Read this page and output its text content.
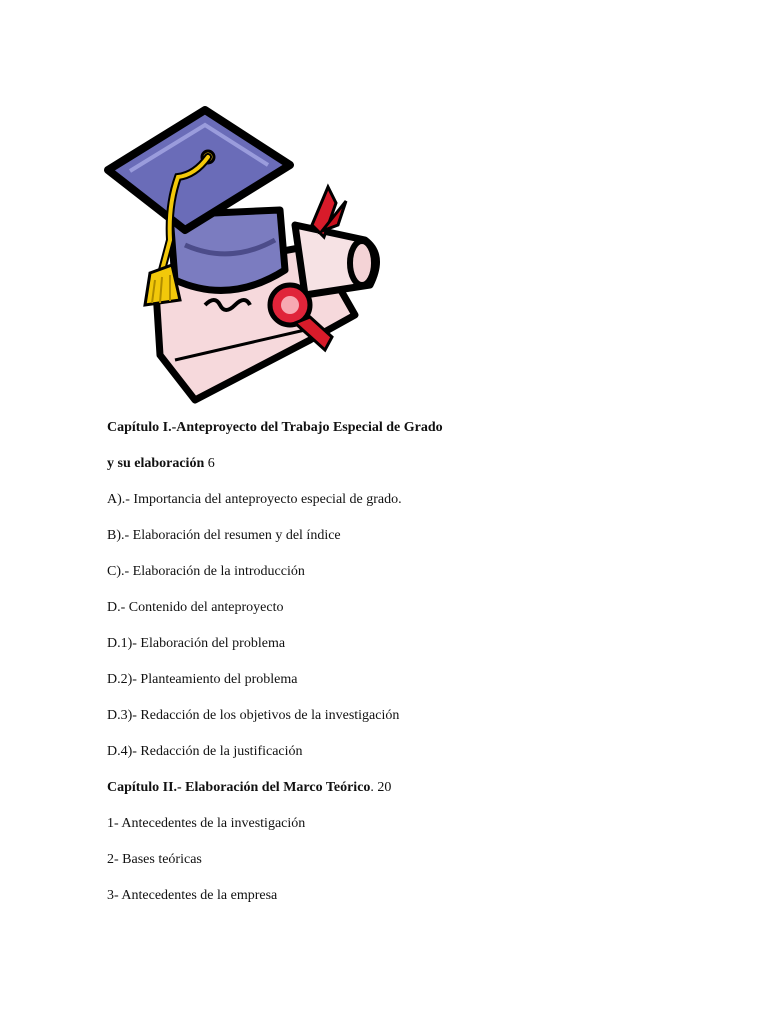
Capítulo I.-Anteproyecto del Trabajo Especial de Grado
y su elaboración 6
A).- Importancia del anteproyecto especial de grado.
B).- Elaboración del resumen y del índice
C).- Elaboración de la introducción
D.- Contenido del anteproyecto
D.1)- Elaboración del problema
D.2)- Planteamiento del problema
D.3)- Redacción de los objetivos de la investigación
D.4)- Redacción de la justificación
Capítulo II.- Elaboración del Marco Teórico. 20
1- Antecedentes de la investigación
2- Bases teóricas
3- Antecedentes de la empresa
